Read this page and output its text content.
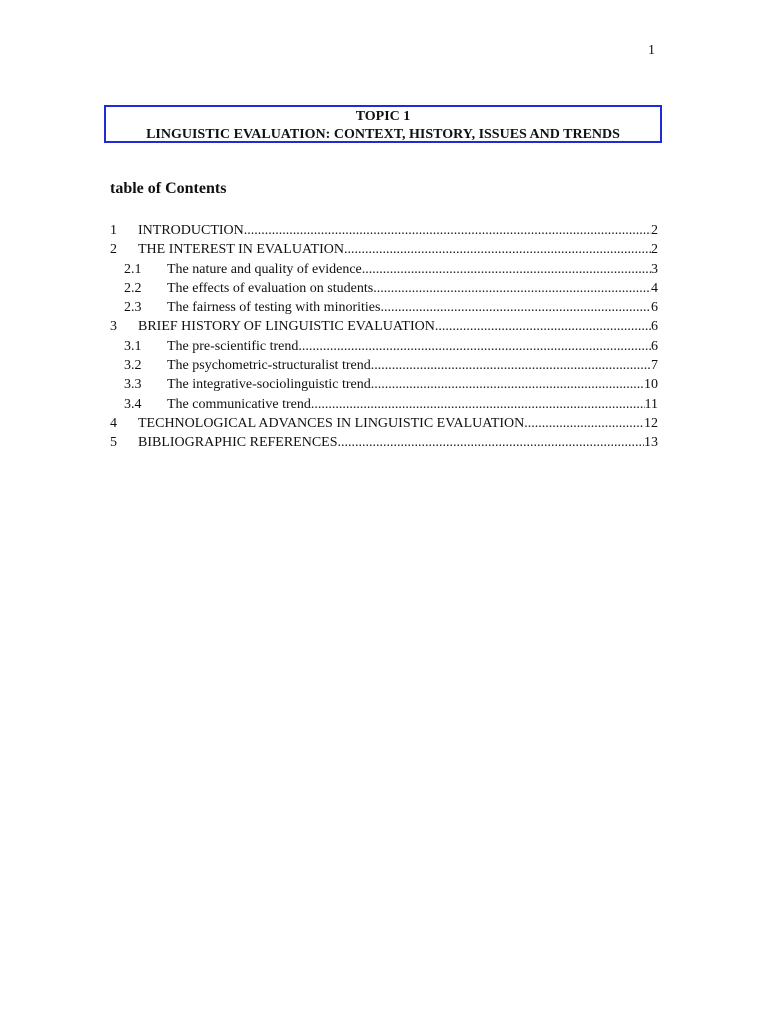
1
TOPIC 1
LINGUISTIC EVALUATION: CONTEXT, HISTORY, ISSUES AND TRENDS
table of Contents
1	INTRODUCTION .....	2
2	THE INTEREST IN EVALUATION .....	2
2.1	The nature and quality of evidence .....	3
2.2	The effects of evaluation on students .....	4
2.3	The fairness of testing with minorities .....	6
3	BRIEF HISTORY OF LINGUISTIC EVALUATION .....	6
3.1	The pre-scientific trend .....	6
3.2	The psychometric-structuralist trend .....	7
3.3	The integrative-sociolinguistic trend .....	10
3.4	The communicative trend .....	11
4	TECHNOLOGICAL ADVANCES IN LINGUISTIC EVALUATION .....	12
5	BIBLIOGRAPHIC REFERENCES .....	13
